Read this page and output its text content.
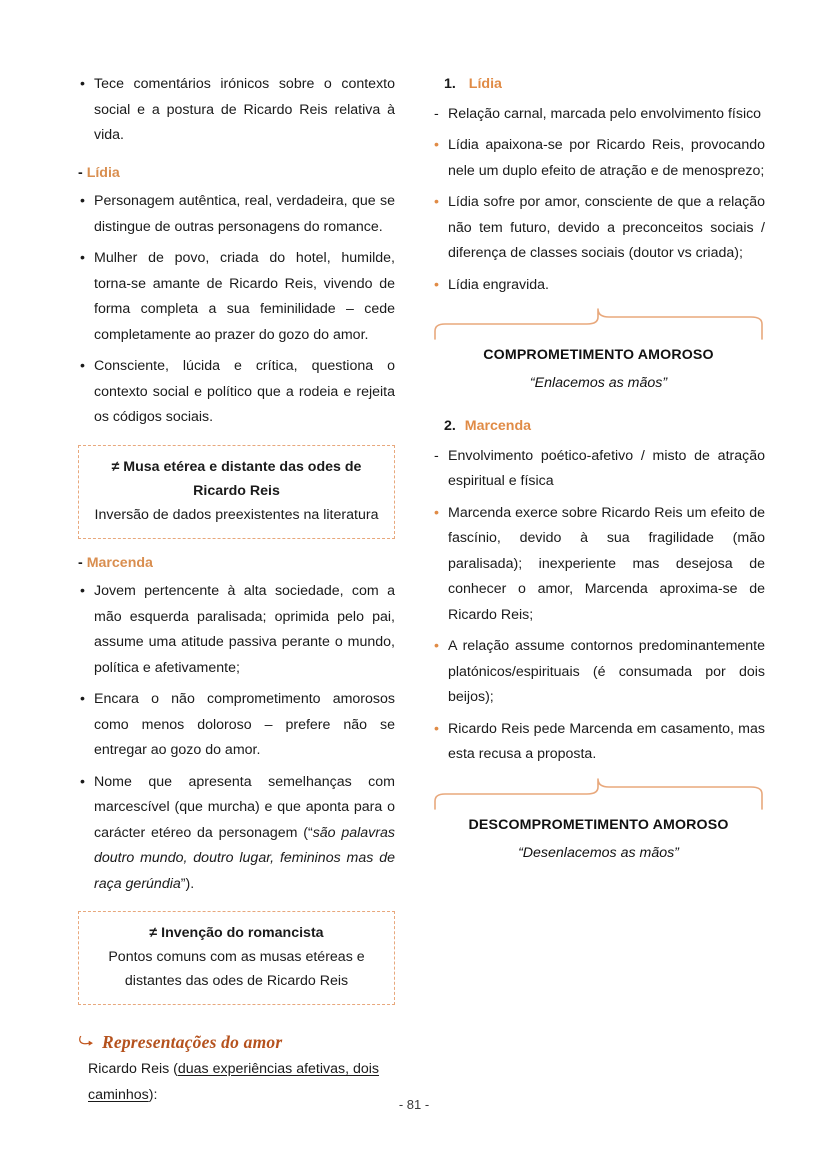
• Tece comentários irónicos sobre o contexto social e a postura de Ricardo Reis relativa à vida.

- Lídia

• Personagem autêntica, real, verdadeira, que se distingue de outras personagens do romance.

• Mulher de povo, criada do hotel, humilde, torna-se amante de Ricardo Reis, vivendo de forma completa a sua feminilidade – cede completamente ao prazer do gozo do amor.

• Consciente, lúcida e crítica, questiona o contexto social e político que a rodeia e rejeita os códigos sociais.

≠ Musa etérea e distante das odes de Ricardo Reis
Inversão de dados preexistentes na literatura

- Marcenda

• Jovem pertencente à alta sociedade, com a mão esquerda paralisada; oprimida pelo pai, assume uma atitude passiva perante o mundo, política e afetivamente;

• Encara o não comprometimento amorosos como menos doloroso – prefere não se entregar ao gozo do amor.

• Nome que apresenta semelhanças com marcescível (que murcha) e que aponta para o carácter etéreo da personagem (“são palavras doutro mundo, doutro lugar, femininos mas de raça gerúndia”).

≠ Invenção do romancista
Pontos comuns com as musas etéreas e distantes das odes de Ricardo Reis
Representações do amor
Ricardo Reis (duas experiências afetivas, dois caminhos):

1. Lídia

- Relação carnal, marcada pelo envolvimento físico

• Lídia apaixona-se por Ricardo Reis, provocando nele um duplo efeito de atração e de menosprezo;

• Lídia sofre por amor, consciente de que a relação não tem futuro, devido a preconceitos sociais / diferença de classes sociais (doutor vs criada);

• Lídia engravida.

COMPROMETIMENTO AMOROSO
“Enlacemos as mãos”

2. Marcenda

- Envolvimento poético-afetivo / misto de atração espiritual e física

• Marcenda exerce sobre Ricardo Reis um efeito de fascínio, devido à sua fragilidade (mão paralisada); inexperiente mas desejosa de conhecer o amor, Marcenda aproxima-se de Ricardo Reis;

• A relação assume contornos predominantemente platónicos/espirituais (é consumada por dois beijos);

• Ricardo Reis pede Marcenda em casamento, mas esta recusa a proposta.

DESCOMPROMETIMENTO AMOROSO
“Desenlacemos as mãos”
- 81 -
